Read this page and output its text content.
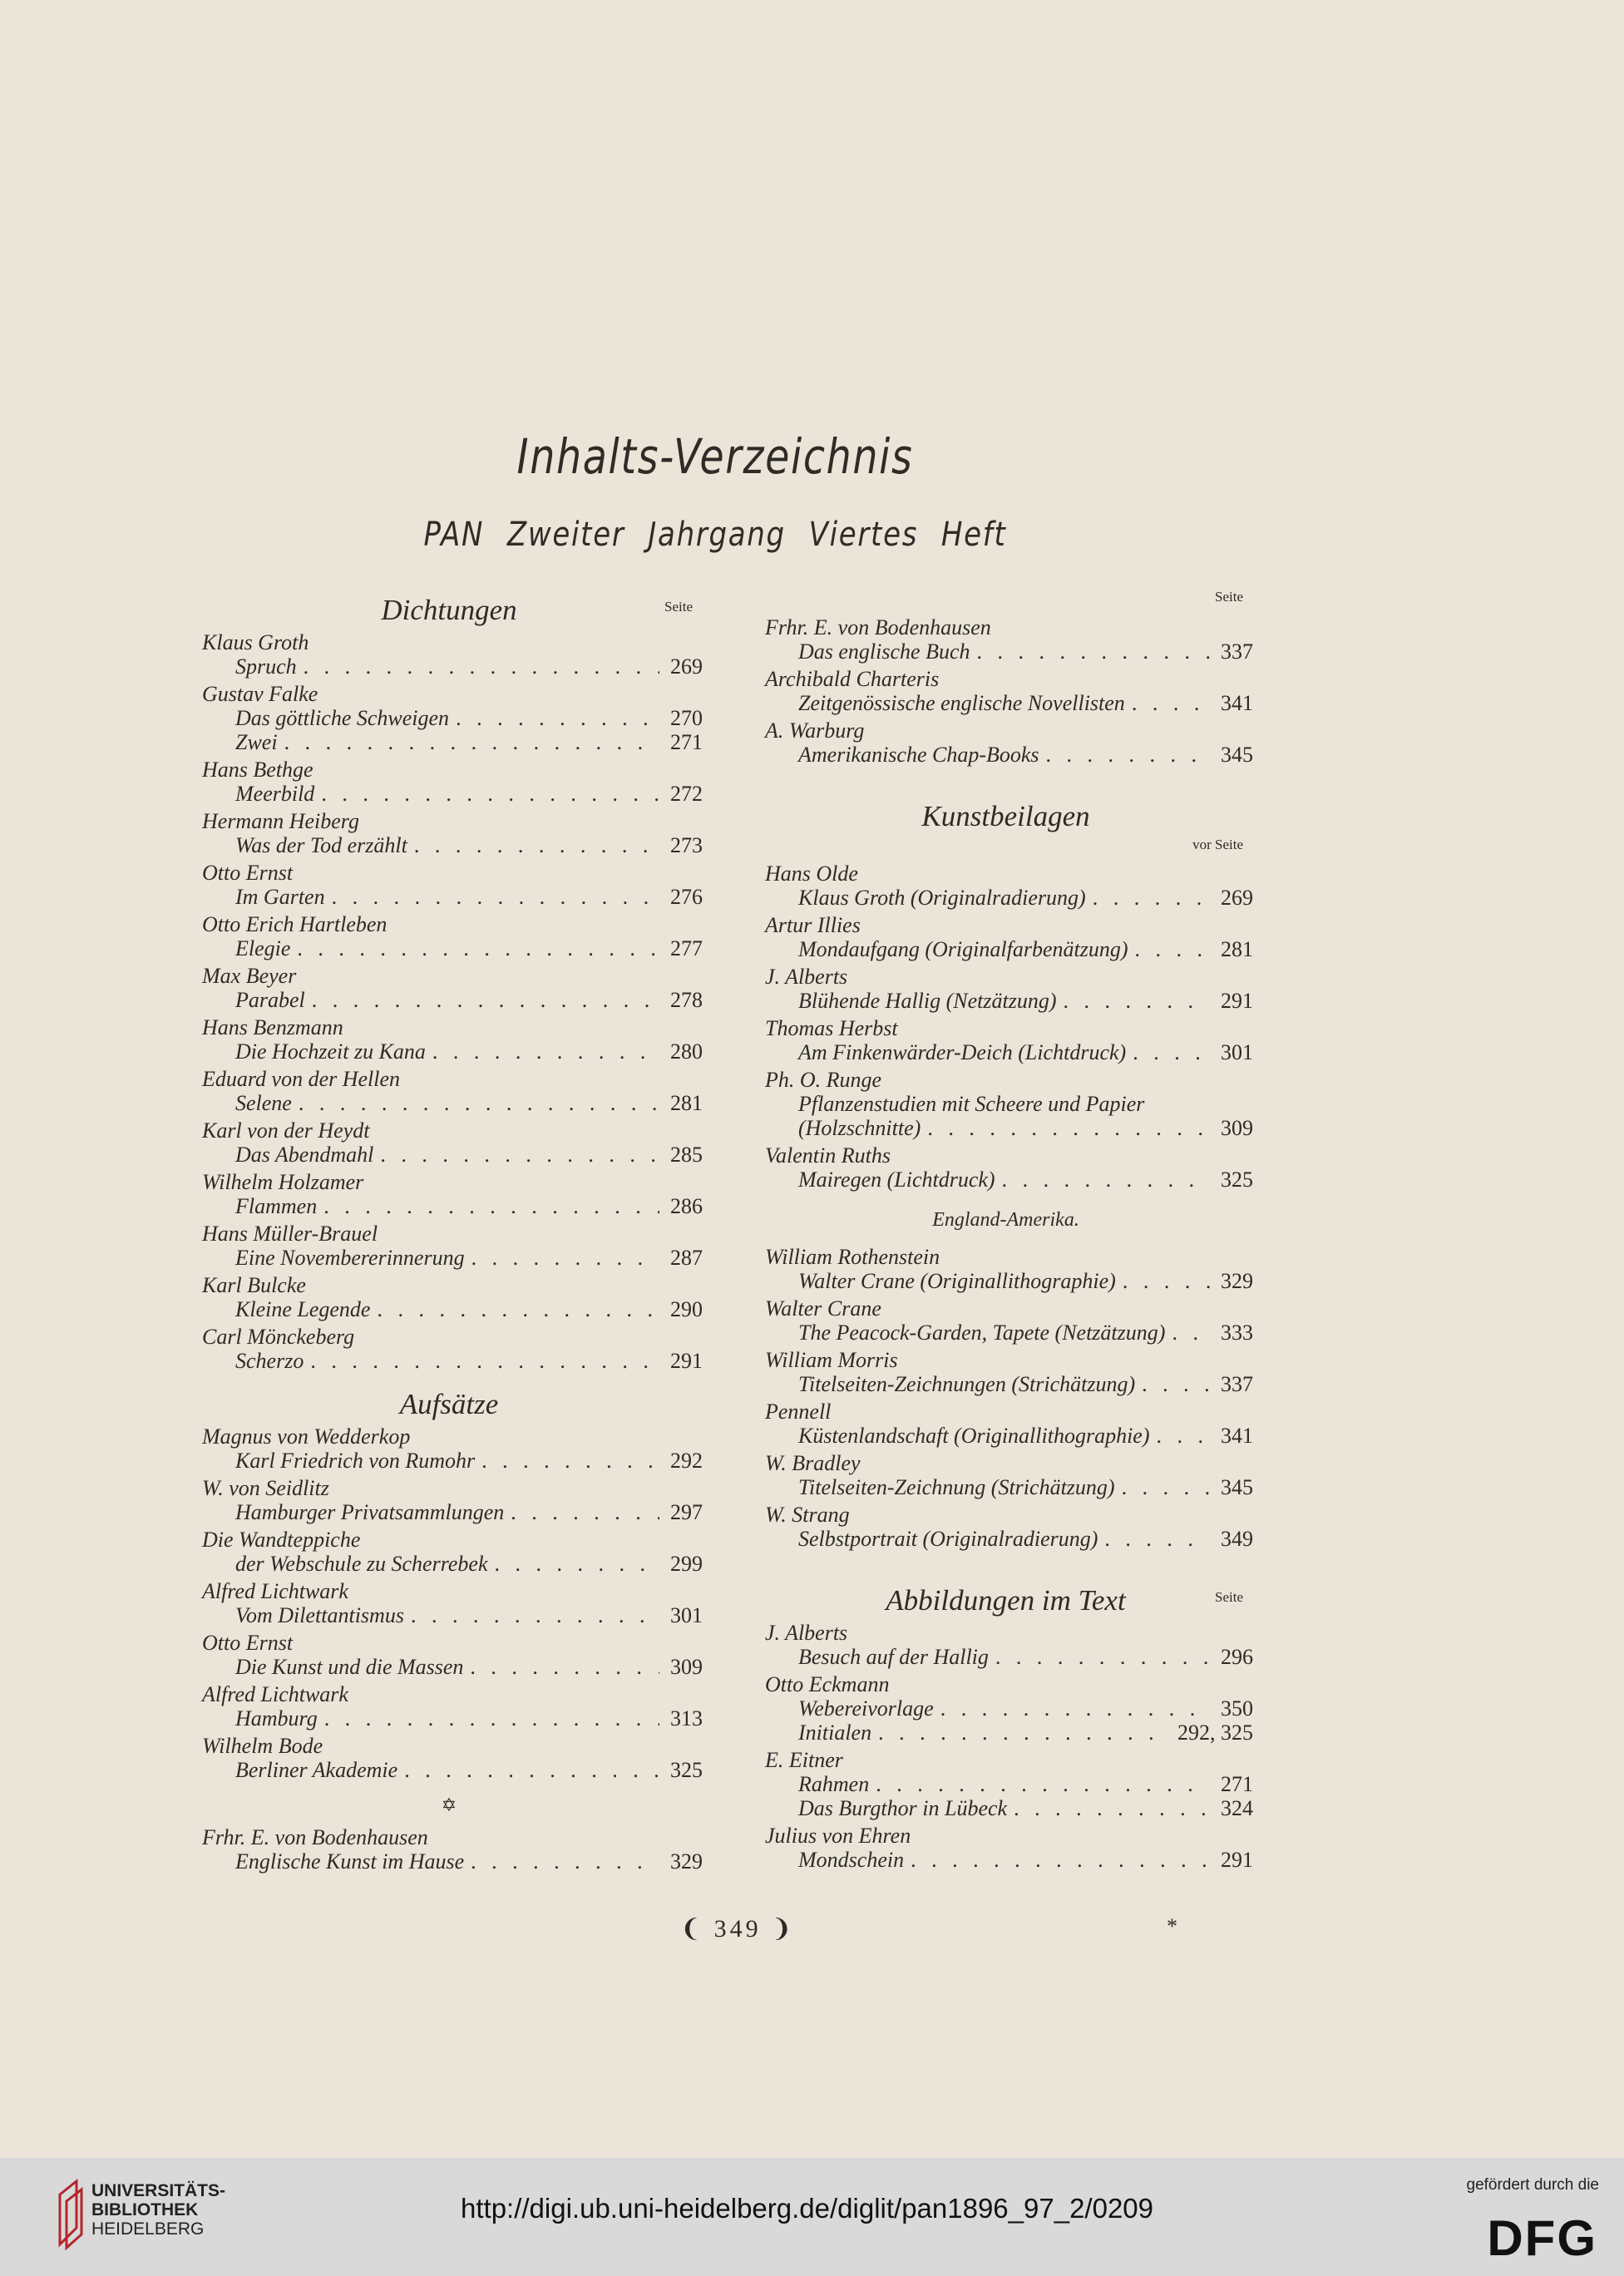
Inhalts-Verzeichnis
PAN Zweiter Jahrgang Viertes Heft
Dichtungen	Seite
Klaus Groth
Spruch . . .	269
Gustav Falke
Das göttliche Schweigen . . .	270
Zwei . . .	271
Hans Bethge
Meerbild . . .	272
Hermann Heiberg
Was der Tod erzählt . . .	273
Otto Ernst
Im Garten . . .	276
Otto Erich Hartleben
Elegie . . .	277
Max Beyer
Parabel . . .	278
Hans Benzmann
Die Hochzeit zu Kana . . .	280
Eduard von der Hellen
Selene . . .	281
Karl von der Heydt
Das Abendmahl . . .	285
Wilhelm Holzamer
Flammen . . .	286
Hans Müller-Brauel
Eine Novembererinnerung . . .	287
Karl Bulcke
Kleine Legende . . .	290
Carl Mönckeberg
Scherzo . . .	291
Aufsätze
Magnus von Wedderkop
Karl Friedrich von Rumohr . . .	292
W. von Seidlitz
Hamburger Privatsammlungen . . .	297
Die Wandteppiche
der Webschule zu Scherrebek . . .	299
Alfred Lichtwark
Vom Dilettantismus . . .	301
Otto Ernst
Die Kunst und die Massen . . .	309
Alfred Lichtwark
Hamburg . . .	313
Wilhelm Bode
Berliner Akademie . . .	325
✡
Frhr. E. von Bodenhausen
Englische Kunst im Hause . . .	329
Seite
Frhr. E. von Bodenhausen
Das englische Buch . . .	337
Archibald Charteris
Zeitgenössische englische Novellisten . . .	341
A. Warburg
Amerikanische Chap-Books . . .	345
Kunstbeilagen
vor Seite
Hans Olde
Klaus Groth (Originalradierung) . . .	269
Artur Illies
Mondaufgang (Originalfarbenätzung) . . .	281
J. Alberts
Blühende Hallig (Netzätzung) . . .	291
Thomas Herbst
Am Finkenwärder-Deich (Lichtdruck) . . .	301
Ph. O. Runge
Pflanzenstudien mit Scheere und Papier
(Holzschnitte) . . .	309
Valentin Ruths
Mairegen (Lichtdruck) . . .	325
England-Amerika.
William Rothenstein
Walter Crane (Originallithographie) . . .	329
Walter Crane
The Peacock-Garden, Tapete (Netzätzung) . . .	333
William Morris
Titelseiten-Zeichnungen (Strichätzung) . . .	337
Pennell
Küstenlandschaft (Originallithographie) . . .	341
W. Bradley
Titelseiten-Zeichnung (Strichätzung) . . .	345
W. Strang
Selbstportrait (Originalradierung) . . .	349
Abbildungen im Text	Seite
J. Alberts
Besuch auf der Hallig . . .	296
Otto Eckmann
Webereivorlage . . .	350
Initialen . . .	292, 325
E. Eitner
Rahmen . . .	271
Das Burgthor in Lübeck . . .	324
Julius von Ehren
Mondschein . . .	291
❨ 349 ❩	*
UNIVERSITÄTS-
BIBLIOTHEK
HEIDELBERG
http://digi.ub.uni-heidelberg.de/diglit/pan1896_97_2/0209
gefördert durch die
DFG
